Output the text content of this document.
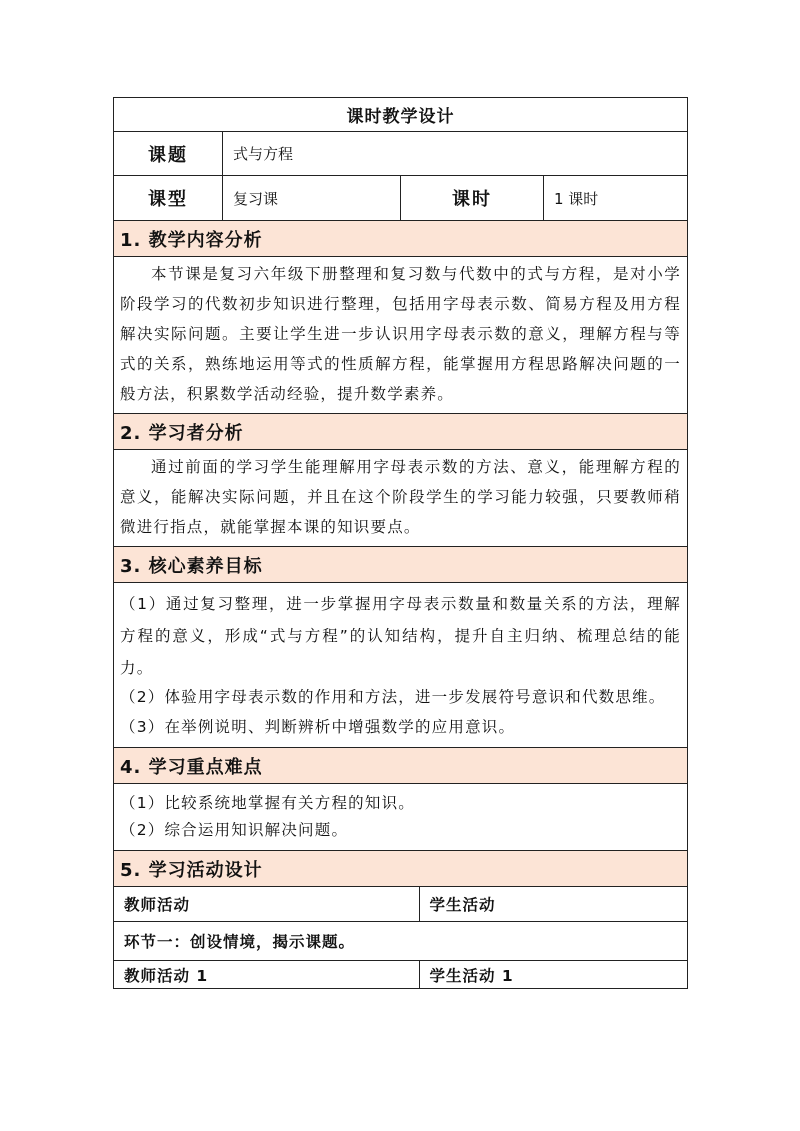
课时教学设计
课题	式与方程
课型	复习课	课时	1 课时
1. 教学内容分析

本节课是复习六年级下册整理和复习数与代数中的式与方程，是对小学阶段学习的代数初步知识进行整理，包括用字母表示数、简易方程及用方程解决实际问题。主要让学生进一步认识用字母表示数的意义，理解方程与等式的关系，熟练地运用等式的性质解方程，能掌握用方程思路解决问题的一般方法，积累数学活动经验，提升数学素养。

2. 学习者分析

通过前面的学习学生能理解用字母表示数的方法、意义，能理解方程的意义，能解决实际问题，并且在这个阶段学生的学习能力较强，只要教师稍微进行指点，就能掌握本课的知识要点。

3. 核心素养目标

（1）通过复习整理，进一步掌握用字母表示数量和数量关系的方法，理解方程的意义，形成“式与方程”的认知结构，提升自主归纳、梳理总结的能力。

（2）体验用字母表示数的作用和方法，进一步发展符号意识和代数思维。

（3）在举例说明、判断辨析中增强数学的应用意识。

4. 学习重点难点

（1）比较系统地掌握有关方程的知识。

（2）综合运用知识解决问题。

5. 学习活动设计

教师活动	学生活动
环节一：创设情境，揭示课题。
教师活动 1	学生活动 1
